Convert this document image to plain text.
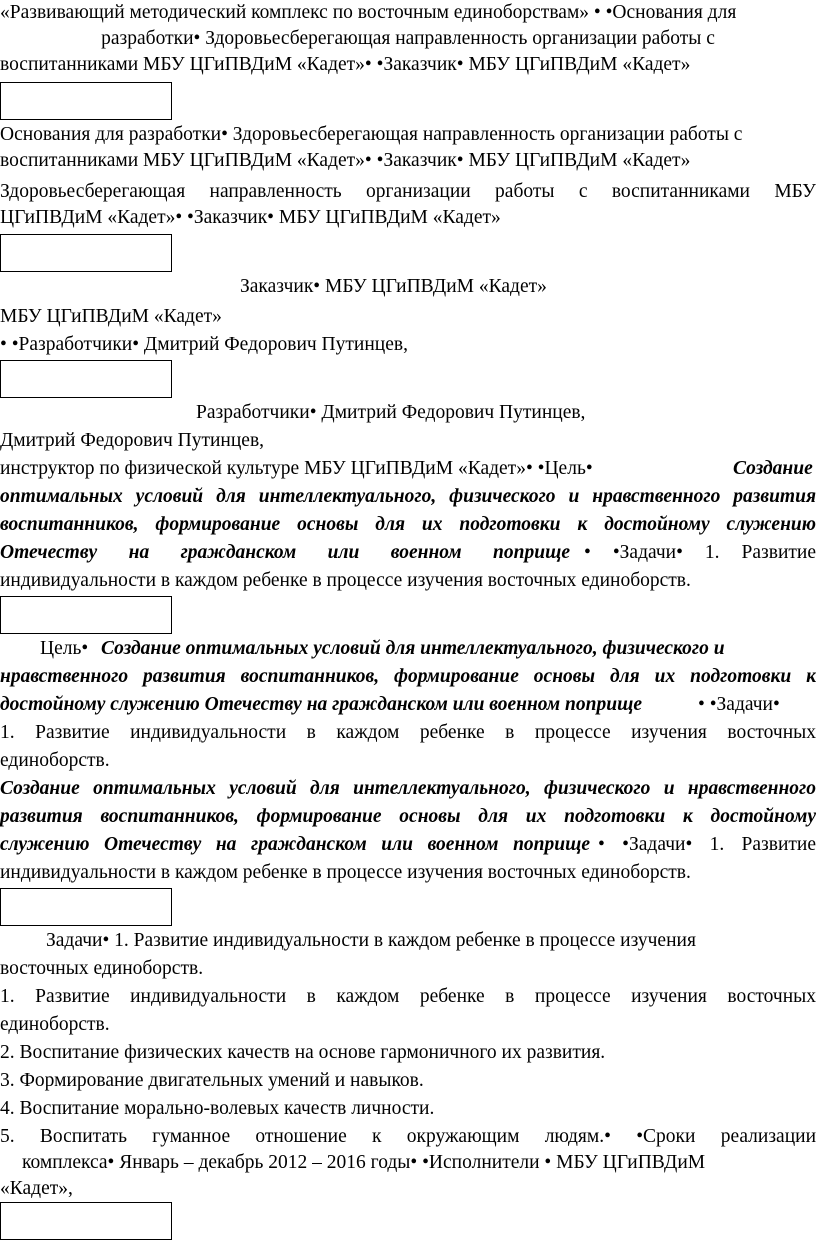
«Развивающий методический комплекс по восточным единоборствам» • •Основания для
разработки• Здоровьесберегающая направленность организации работы с
воспитанниками МБУ ЦГиПВДиМ «Кадет»• •Заказчик• МБУ ЦГиПВДиМ «Кадет»
Основания для разработки• Здоровьесберегающая направленность организации работы с
воспитанниками МБУ ЦГиПВДиМ «Кадет»• •Заказчик• МБУ ЦГиПВДиМ «Кадет»
Здоровьесберегающая направленность организации работы с воспитанниками МБУ
ЦГиПВДиМ «Кадет»• •Заказчик• МБУ ЦГиПВДиМ «Кадет»
Заказчик• МБУ ЦГиПВДиМ «Кадет»
МБУ ЦГиПВДиМ «Кадет»
• •Разработчики• Дмитрий Федорович Путинцев,
Разработчики• Дмитрий Федорович Путинцев,
Дмитрий Федорович Путинцев,
инструктор по физической культуре МБУ ЦГиПВДиМ «Кадет»• •Цель•	Создание
оптимальных условий для интеллектуального, физического и нравственного развития
воспитанников, формирование основы для их подготовки к достойному служению
Отечеству на гражданском или военном поприще • •Задачи• 1. Развитие
индивидуальности в каждом ребенке в процессе изучения восточных единоборств.
Цель• Создание оптимальных условий для интеллектуального, физического и
нравственного развития воспитанников, формирование основы для их подготовки к
достойному служению Отечеству на гражданском или военном поприще	• •Задачи•
1. Развитие индивидуальности в каждом ребенке в процессе изучения восточных
единоборств.
Создание оптимальных условий для интеллектуального, физического и нравственного
развития воспитанников, формирование основы для их подготовки к достойному
служению Отечеству на гражданском или военном поприще • •Задачи• 1. Развитие
индивидуальности в каждом ребенке в процессе изучения восточных единоборств.
Задачи• 1. Развитие индивидуальности в каждом ребенке в процессе изучения
восточных единоборств.
1. Развитие индивидуальности в каждом ребенке в процессе изучения восточных
единоборств.
2. Воспитание физических качеств на основе гармоничного их развития.
3. Формирование двигательных умений и навыков.
4. Воспитание морально-волевых качеств личности.
5. Воспитать гуманное отношение к окружающим людям.• •Сроки реализации
комплекса• Январь – декабрь 2012 – 2016 годы• •Исполнители • МБУ ЦГиПВДиМ
«Кадет»,
